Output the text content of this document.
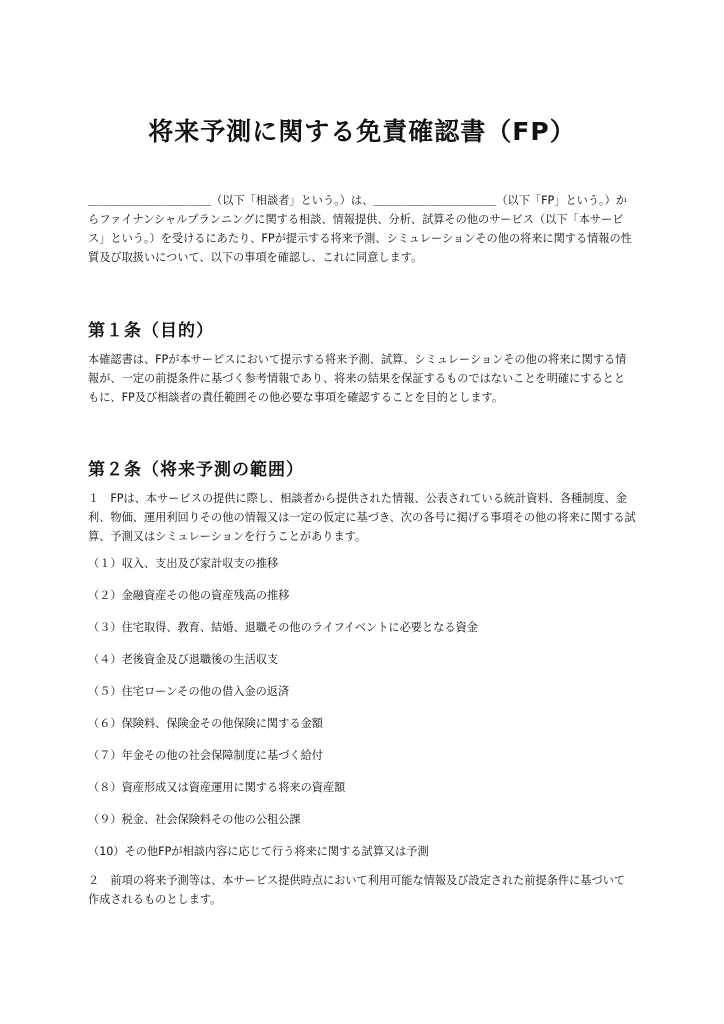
将来予測に関する免責確認書（FP）

＿＿＿＿＿＿＿＿＿＿＿（以下「相談者」という。）は、＿＿＿＿＿＿＿＿＿＿＿（以下「FP」という。）からファイナンシャルプランニングに関する相談、情報提供、分析、試算その他のサービス（以下「本サービス」という。）を受けるにあたり、FPが提示する将来予測、シミュレーションその他の将来に関する情報の性質及び取扱いについて、以下の事項を確認し、これに同意します。

第１条（目的）

本確認書は、FPが本サービスにおいて提示する将来予測、試算、シミュレーションその他の将来に関する情報が、一定の前提条件に基づく参考情報であり、将来の結果を保証するものではないことを明確にするとともに、FP及び相談者の責任範囲その他必要な事項を確認することを目的とします。

第２条（将来予測の範囲）

１　FPは、本サービスの提供に際し、相談者から提供された情報、公表されている統計資料、各種制度、金利、物価、運用利回りその他の情報又は一定の仮定に基づき、次の各号に掲げる事項その他の将来に関する試算、予測又はシミュレーションを行うことがあります。

（１）収入、支出及び家計収支の推移

（２）金融資産その他の資産残高の推移

（３）住宅取得、教育、結婚、退職その他のライフイベントに必要となる資金

（４）老後資金及び退職後の生活収支

（５）住宅ローンその他の借入金の返済

（６）保険料、保険金その他保険に関する金額

（７）年金その他の社会保障制度に基づく給付

（８）資産形成又は資産運用に関する将来の資産額

（９）税金、社会保険料その他の公租公課

（10）その他FPが相談内容に応じて行う将来に関する試算又は予測

２　前項の将来予測等は、本サービス提供時点において利用可能な情報及び設定された前提条件に基づいて作成されるものとします。
